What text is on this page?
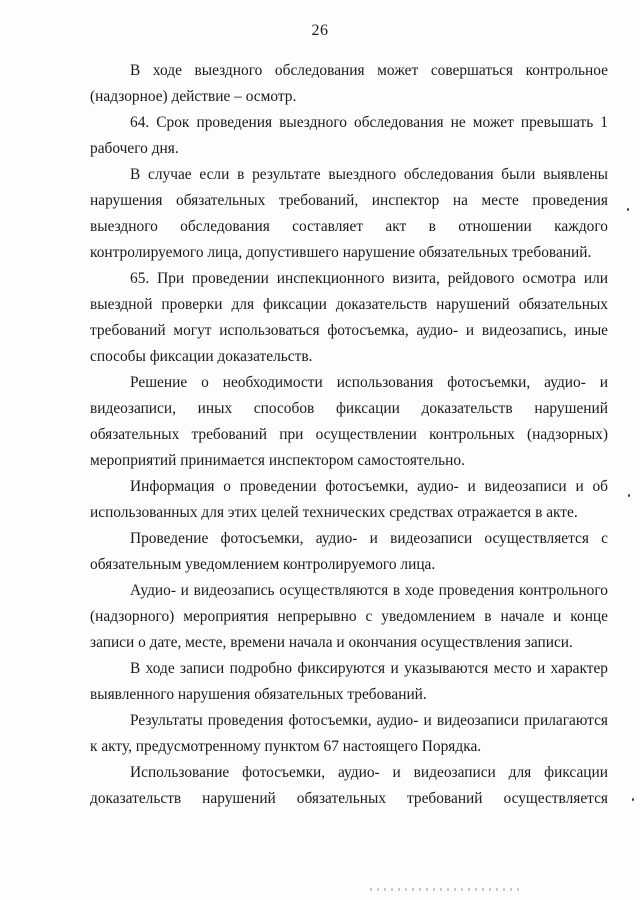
26

В ходе выездного обследования может совершаться контрольное (надзорное) действие – осмотр.

64. Срок проведения выездного обследования не может превышать 1 рабочего дня.

В случае если в результате выездного обследования были выявлены нарушения обязательных требований, инспектор на месте проведения выездного обследования составляет акт в отношении каждого контролируемого лица, допустившего нарушение обязательных требований.

65. При проведении инспекционного визита, рейдового осмотра или выездной проверки для фиксации доказательств нарушений обязательных требований могут использоваться фотосъемка, аудио- и видеозапись, иные способы фиксации доказательств.

Решение о необходимости использования фотосъемки, аудио- и видеозаписи, иных способов фиксации доказательств нарушений обязательных требований при осуществлении контрольных (надзорных) мероприятий принимается инспектором самостоятельно.

Информация о проведении фотосъемки, аудио- и видеозаписи и об использованных для этих целей технических средствах отражается в акте.

Проведение фотосъемки, аудио- и видеозаписи осуществляется с обязательным уведомлением контролируемого лица.

Аудио- и видеозапись осуществляются в ходе проведения контрольного (надзорного) мероприятия непрерывно с уведомлением в начале и конце записи о дате, месте, времени начала и окончания осуществления записи.

В ходе записи подробно фиксируются и указываются место и характер выявленного нарушения обязательных требований.

Результаты проведения фотосъемки, аудио- и видеозаписи прилагаются к акту, предусмотренному пунктом 67 настоящего Порядка.

Использование фотосъемки, аудио- и видеозаписи для фиксации доказательств нарушений обязательных требований осуществляется
